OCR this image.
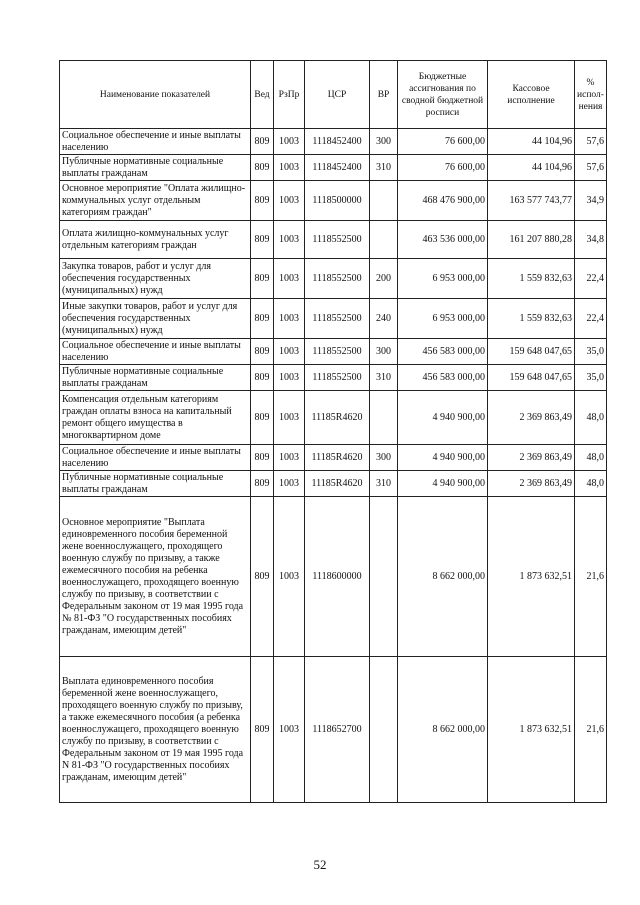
Наименование показателей	Вед	РзПр	ЦСР	ВР	Бюджетные ассигнования по сводной бюджетной росписи	Кассовое исполнение	% испол-нения
Социальное обеспечение и иные выплаты населению	809	1003	1118452400	300	76 600,00	44 104,96	57,6
Публичные нормативные социальные выплаты гражданам	809	1003	1118452400	310	76 600,00	44 104,96	57,6
Основное мероприятие "Оплата жилищно-коммунальных услуг отдельным категориям граждан"	809	1003	1118500000		468 476 900,00	163 577 743,77	34,9
Оплата жилищно-коммунальных услуг отдельным категориям граждан	809	1003	1118552500		463 536 000,00	161 207 880,28	34,8
Закупка товаров, работ и услуг для обеспечения государственных (муниципальных) нужд	809	1003	1118552500	200	6 953 000,00	1 559 832,63	22,4
Иные закупки товаров, работ и услуг для обеспечения государственных (муниципальных) нужд	809	1003	1118552500	240	6 953 000,00	1 559 832,63	22,4
Социальное обеспечение и иные выплаты населению	809	1003	1118552500	300	456 583 000,00	159 648 047,65	35,0
Публичные нормативные социальные выплаты гражданам	809	1003	1118552500	310	456 583 000,00	159 648 047,65	35,0
Компенсация отдельным категориям граждан оплаты взноса на капитальный ремонт общего имущества в многоквартирном доме	809	1003	11185R4620		4 940 900,00	2 369 863,49	48,0
Социальное обеспечение и иные выплаты населению	809	1003	11185R4620	300	4 940 900,00	2 369 863,49	48,0
Публичные нормативные социальные выплаты гражданам	809	1003	11185R4620	310	4 940 900,00	2 369 863,49	48,0
Основное мероприятие "Выплата единовременного пособия беременной жене военнослужащего, проходящего военную службу по призыву, а также ежемесячного пособия на ребенка военнослужащего, проходящего военную службу по призыву, в соответствии с Федеральным законом от 19 мая 1995 года № 81-ФЗ "О государственных пособиях гражданам, имеющим детей"	809	1003	1118600000		8 662 000,00	1 873 632,51	21,6
Выплата единовременного пособия беременной жене военнослужащего, проходящего военную службу по призыву, а также ежемесячного пособия (а ребенка военнослужащего, проходящего военную службу по призыву, в соответствии с Федеральным законом от 19 мая 1995 года N 81-ФЗ "О государственных пособиях гражданам, имеющим детей"	809	1003	1118652700		8 662 000,00	1 873 632,51	21,6
52
